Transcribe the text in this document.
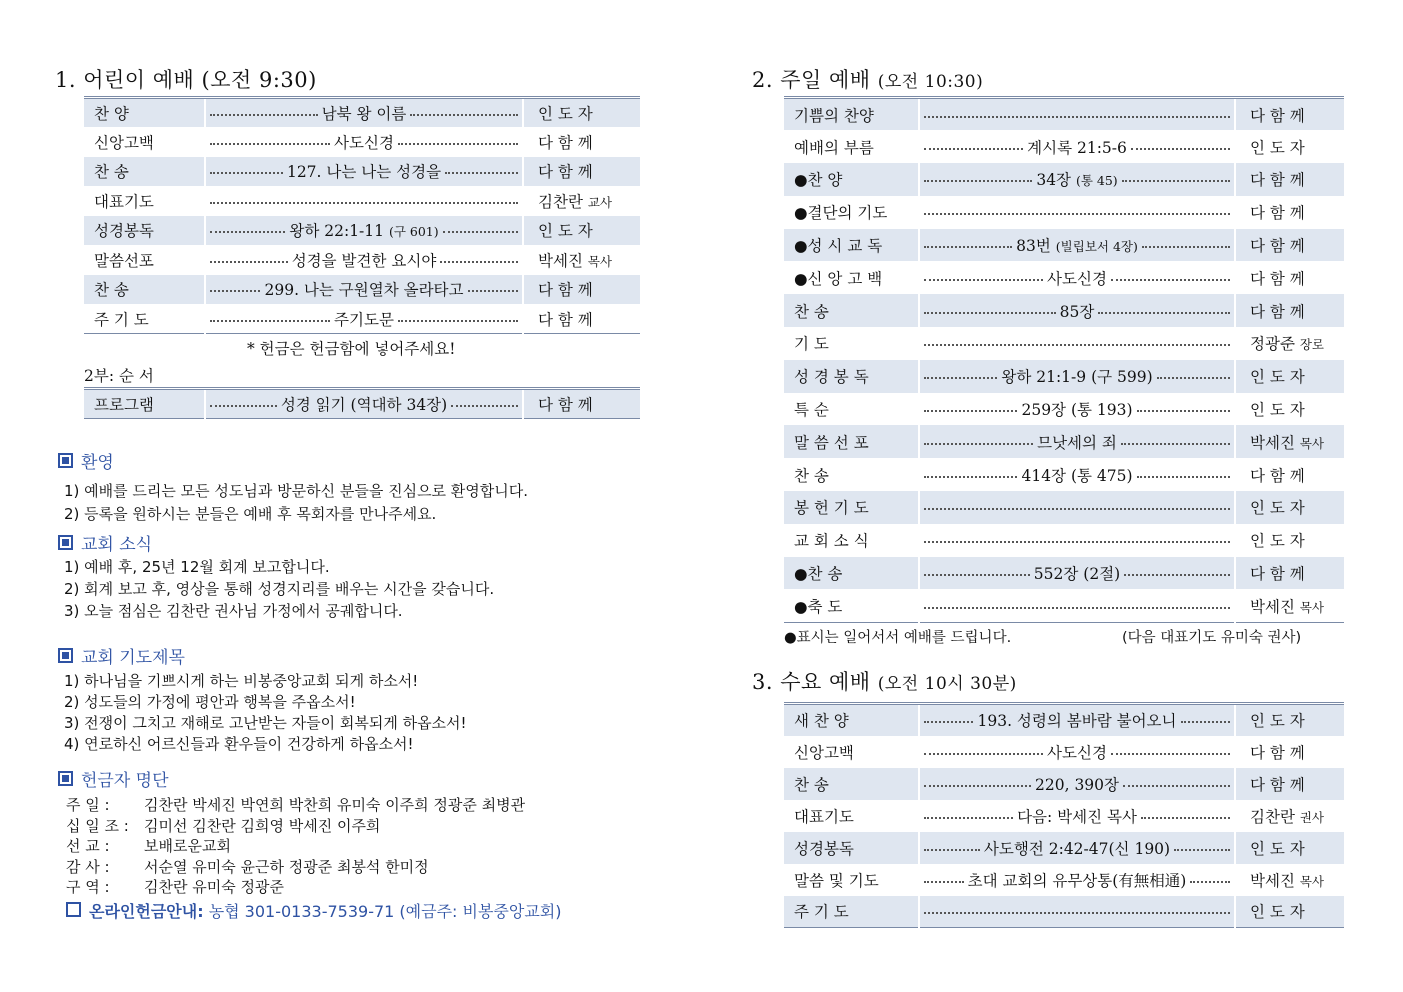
1. 어린이 예배 (오전 9:30)
찬 양	남북 왕 이름	인 도 자
신앙고백	사도신경	다 함 께
찬 송	127. 나는 나는 성경을	다 함 께
대표기도		김찬란 교사
성경봉독	왕하 22:1-11 (구 601)	인 도 자
말씀선포	성경을 발견한 요시야	박세진 목사
찬 송	299. 나는 구원열차 올라타고	다 함 께
주 기 도	주기도문	다 함 께
* 헌금은 헌금함에 넣어주세요!
2부: 순 서
프로그램	성경 읽기 (역대하 34장)	다 함 께
환영
1) 예배를 드리는 모든 성도님과 방문하신 분들을 진심으로 환영합니다.
2) 등록을 원하시는 분들은 예배 후 목회자를 만나주세요.
교회 소식
1) 예배 후, 25년 12월 회계 보고합니다.
2) 회계 보고 후, 영상을 통해 성경지리를 배우는 시간을 갖습니다.
3) 오늘 점심은 김찬란 권사님 가정에서 공궤합니다.
교회 기도제목
1) 하나님을 기쁘시게 하는 비봉중앙교회 되게 하소서!
2) 성도들의 가정에 평안과 행복을 주옵소서!
3) 전쟁이 그치고 재해로 고난받는 자들이 회복되게 하옵소서!
4) 연로하신 어르신들과 환우들이 건강하게 하옵소서!
헌금자 명단
주 일 : 김찬란 박세진 박연희 박찬희 유미숙 이주희 정광준 최병관
십 일 조 : 김미선 김찬란 김희영 박세진 이주희
선 교 : 보배로운교회
감 사 : 서순열 유미숙 윤근하 정광준 최봉석 한미정
구 역 : 김찬란 유미숙 정광준
온라인헌금안내: 농협 301-0133-7539-71 (예금주: 비봉중앙교회)
2. 주일 예배 (오전 10:30)
기쁨의 찬양		다 함 께
예배의 부름	계시록 21:5-6	인 도 자
●찬 양	34장 (통 45)	다 함 께
●결단의 기도		다 함 께
●성 시 교 독	83번 (빌립보서 4장)	다 함 께
●신 앙 고 백	사도신경	다 함 께
찬 송	85장	다 함 께
기 도		정광준 장로
성 경 봉 독	왕하 21:1-9 (구 599)	인 도 자
특 순	259장 (통 193)	인 도 자
말 씀 선 포	므낫세의 죄	박세진 목사
찬 송	414장 (통 475)	다 함 께
봉 헌 기 도		인 도 자
교 회 소 식		인 도 자
●찬 송	552장 (2절)	다 함 께
●축 도		박세진 목사
●표시는 일어서서 예배를 드립니다.	(다음 대표기도 유미숙 권사)
3. 수요 예배 (오전 10시 30분)
새 찬 양	193. 성령의 봄바람 불어오니	인 도 자
신앙고백	사도신경	다 함 께
찬 송	220, 390장	다 함 께
대표기도	다음: 박세진 목사	김찬란 권사
성경봉독	사도행전 2:42-47(신 190)	인 도 자
말씀 및 기도	초대 교회의 유무상통(有無相通)	박세진 목사
주 기 도		인 도 자
